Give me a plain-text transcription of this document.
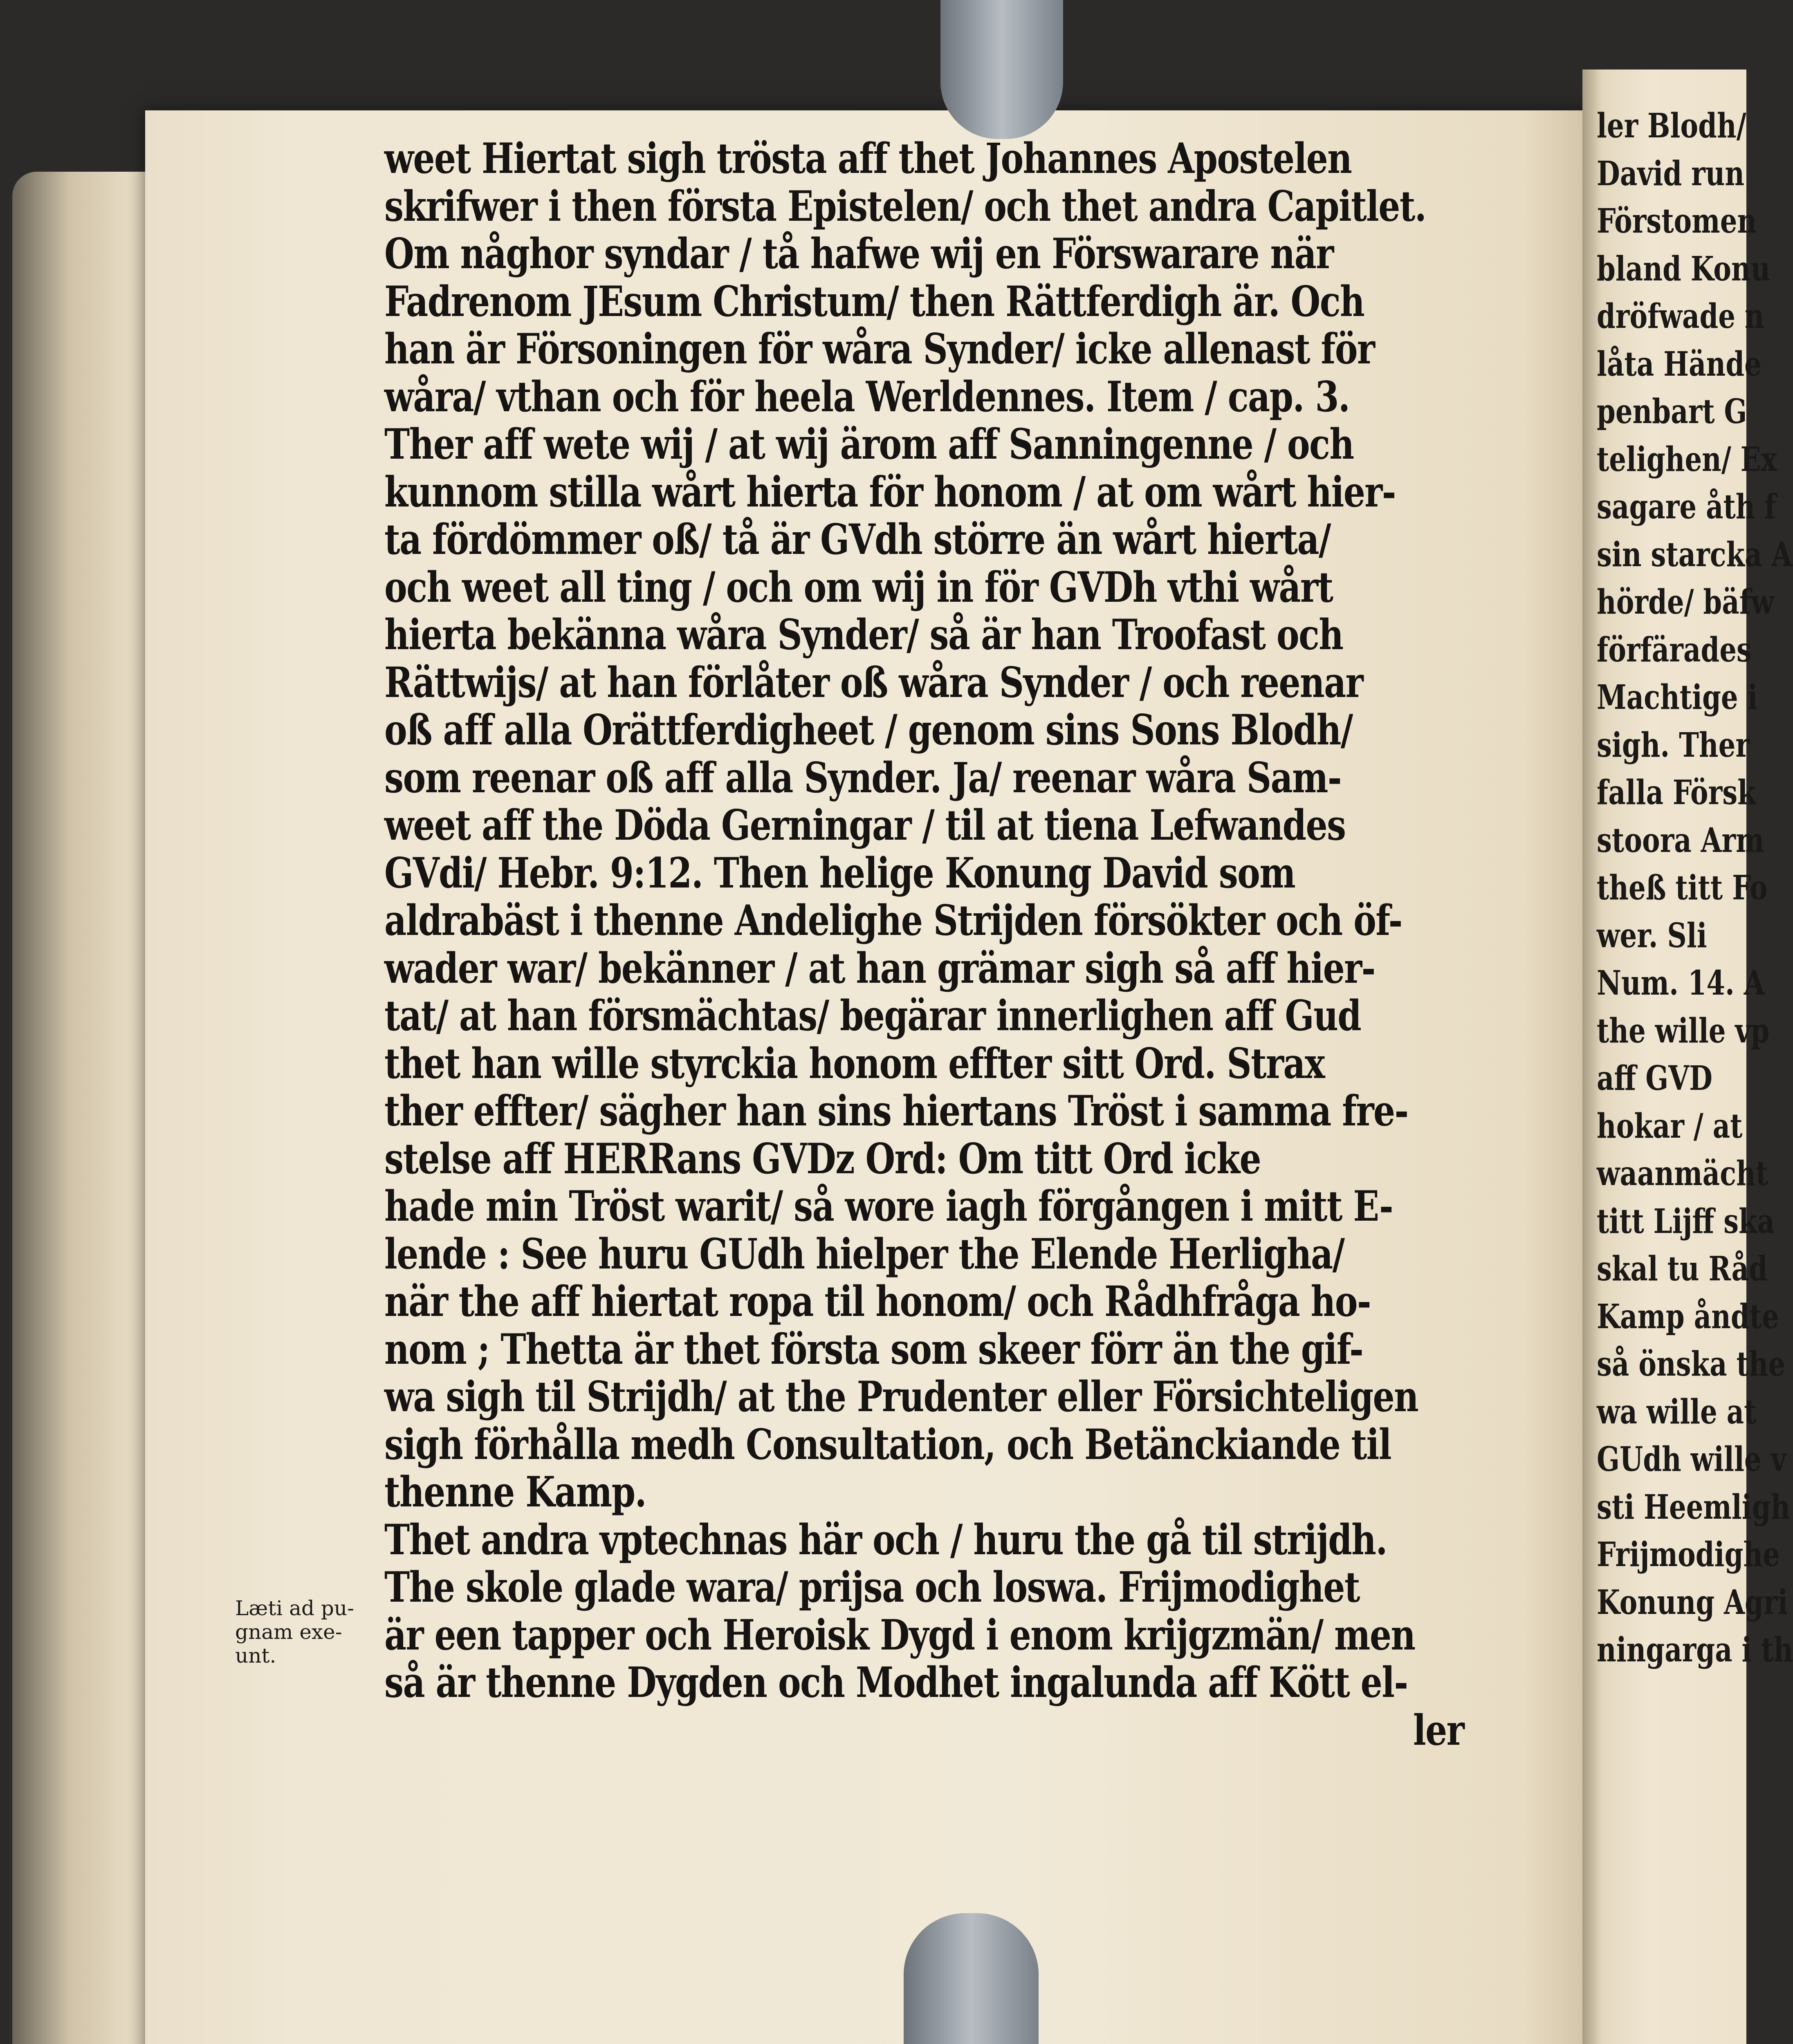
weet Hiertat sigh trösta aff thet Johannes Apostelen
skrifwer i then första Epistelen/ och thet andra Capitlet.
Om någhor syndar / tå hafwe wij en Förswarare när
Fadrenom JEsum Christum/ then Rättferdigh är. Och
han är Försoningen för wåra Synder/ icke allenast för
wåra/ vthan och för heela Werldennes. Item / cap. 3.
Ther aff wete wij / at wij ärom aff Sanningenne / och
kunnom stilla wårt hierta för honom / at om wårt hier-
ta fördömmer oß/ tå är GVdh större än wårt hierta/
och weet all ting / och om wij in för GVDh vthi wårt
hierta bekänna wåra Synder/ så är han Troofast och
Rättwijs/ at han förlåter oß wåra Synder / och reenar
oß aff alla Orättferdigheet / genom sins Sons Blodh/
som reenar oß aff alla Synder. Ja/ reenar wåra Sam-
weet aff the Döda Gerningar / til at tiena Lefwandes
GVdi/ Hebr. 9:12. Then helige Konung David som
aldrabäst i thenne Andelighe Strijden försökter och öf-
wader war/ bekänner / at han grämar sigh så aff hier-
tat/ at han försmächtas/ begärar innerlighen aff Gud
thet han wille styrckia honom effter sitt Ord. Strax
ther effter/ sägher han sins hiertans Tröst i samma fre-
stelse aff HERRans GVDz Ord: Om titt Ord icke
hade min Tröst warit/ så wore iagh förgången i mitt E-
lende : See huru GUdh hielper the Elende Herligha/
när the aff hiertat ropa til honom/ och Rådhfråga ho-
nom ; Thetta är thet första som skeer förr än the gif-
wa sigh til Strijdh/ at the Prudenter eller Försichteligen
sigh förhålla medh Consultation, och Betänckiande til
thenne Kamp.
Thet andra vptechnas här och / huru the gå til strijdh.
The skole glade wara/ prijsa och loswa. Frijmodighet
är een tapper och Heroisk Dygd i enom krijgzmän/ men
så är thenne Dygden och Modhet ingalunda aff Kött el-
ler
Læti ad pu-
gnam exe-
unt.
ler Blodh/
David run
Förstomen
bland Konu
dröfwade n
låta Hände
penbart G
telighen/ Ex
sagare åth f
sin starcka A
hörde/ bäfw
förfärades
Machtige i
sigh. Ther
falla Försk
stoora Arm
theß titt Fo
wer. Sli
Num. 14. A
the wille vp
aff GVD
hokar / at
waanmächt
titt Lijff ska
skal tu Råd
Kamp åndte
så önska the
wa wille at
GUdh wille v
sti Heemligh
Frijmodighe
Konung Agri
ningarga i th
